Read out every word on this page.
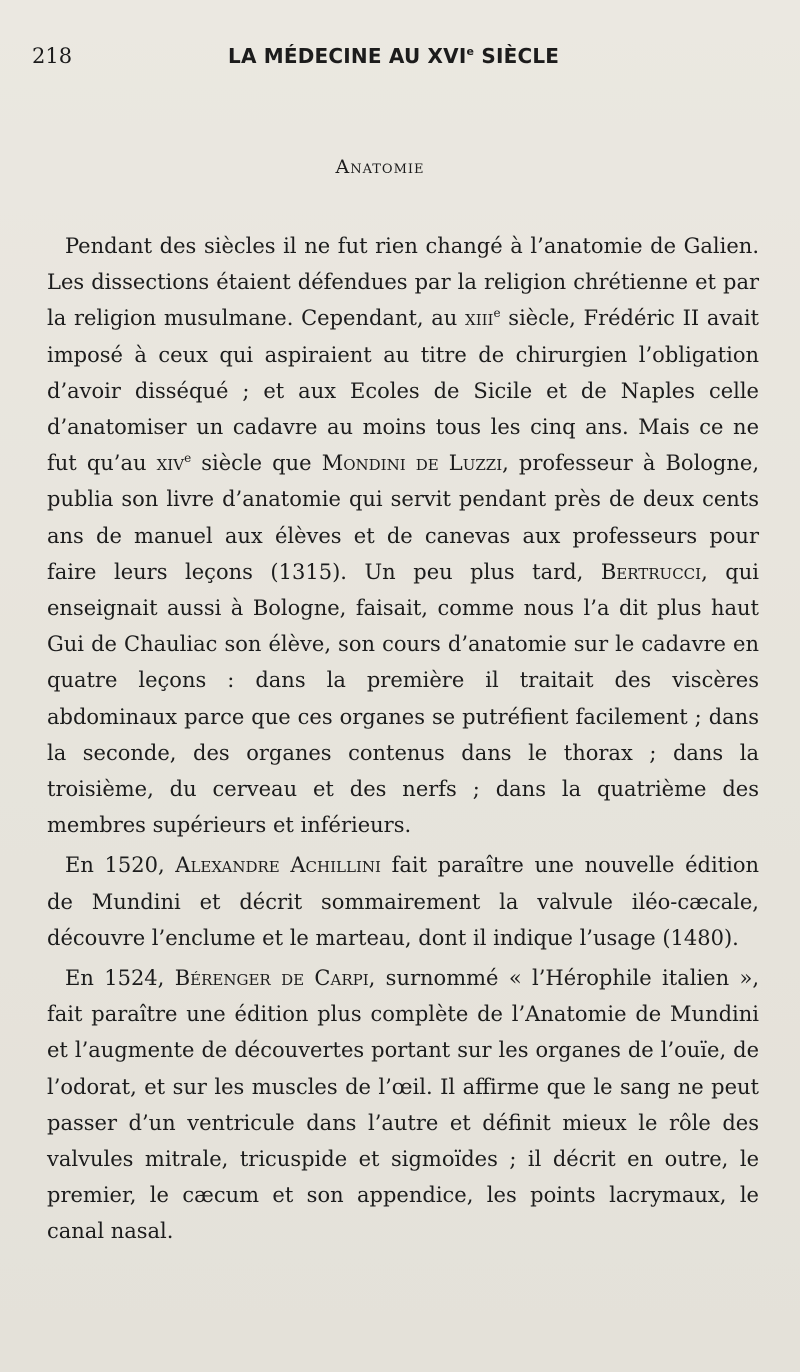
218	LA MÉDECINE AU XVIe SIÈCLE
Anatomie

Pendant des siècles il ne fut rien changé à l’anatomie de Galien. Les dissections étaient défendues par la religion chrétienne et par la religion musulmane. Cependant, au xiii$^e$ siècle, Frédéric II avait imposé à ceux qui aspiraient au titre de chirurgien l’obligation d’avoir disséqué ; et aux Ecoles de Sicile et de Naples celle d’anatomiser un cadavre au moins tous les cinq ans. Mais ce ne fut qu’au xiv$^e$ siècle que Mondini de Luzzi, professeur à Bologne, publia son livre d’anatomie qui servit pendant près de deux cents ans de manuel aux élèves et de canevas aux professeurs pour faire leurs leçons (1315). Un peu plus tard, Bertrucci, qui enseignait aussi à Bologne, faisait, comme nous l’a dit plus haut Gui de Chauliac son élève, son cours d’anatomie sur le cadavre en quatre leçons : dans la première il traitait des viscères abdominaux parce que ces organes se putréfient facilement ; dans la seconde, des organes contenus dans le thorax ; dans la troisième, du cerveau et des nerfs ; dans la quatrième des membres supérieurs et inférieurs.

En 1520, Alexandre Achillini fait paraître une nouvelle édition de Mundini et décrit sommairement la valvule iléo-cæcale, découvre l’enclume et le marteau, dont il indique l’usage (1480).

En 1524, Bérenger de Carpi, surnommé « l’Hérophile italien », fait paraître une édition plus complète de l’Anatomie de Mundini et l’augmente de découvertes portant sur les organes de l’ouïe, de l’odorat, et sur les muscles de l’œil. Il affirme que le sang ne peut passer d’un ventricule dans l’autre et définit mieux le rôle des valvules mitrale, tricuspide et sigmoïdes ; il décrit en outre, le premier, le cæcum et son appendice, les points lacrymaux, le canal nasal.
